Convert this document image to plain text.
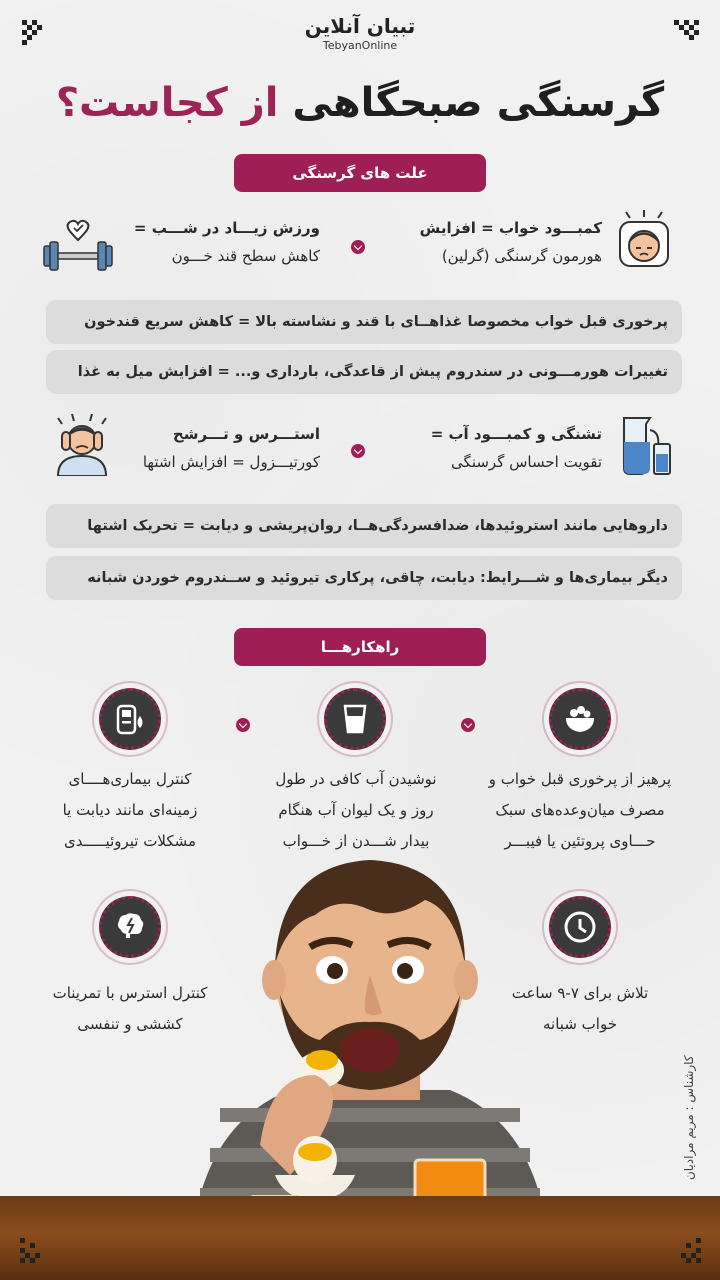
تبیان آنلاین
TebyanOnline
گرسنگی صبحگاهی از کجاست؟
علت های گرسنگی
کمبـــود خواب = افزایش
هورمون گرسنگی (گرلین)
ورزش زیـــاد در شـــب =
کاهش سطح قند خـــون
پرخوری قبل خواب مخصوصا غذاهــای با قند و نشاسته بالا = کاهش سریع قندخون
تغییرات هورمـــونی در سندروم پیش از قاعدگی، بارداری و... = افزایش میل به غذا
تشنگی و کمبـــود آب =
تقویت احساس گرسنگی
استـــرس و تـــرشح
کورتیـــزول = افزایش اشتها
داروهایی مانند استروئیدها، ضدافسردگی‌هــا، روان‌پریشی و دیابت = تحریک اشتها
دیگر بیماری‌ها و شـــرایط: دیابت، چاقی، پرکاری تیروئید و ســندروم خوردن شبانه
راهکارهـــا
پرهیز از پرخوری قبل خواب و
مصرف میان‌وعده‌های سبک
حـــاوی پروتئین یا فیبـــر
نوشیدن آب کافی در طول
روز و یک لیوان آب هنگام
بیدار شـــدن از خـــواب
کنترل بیماری‌هــــای
زمینه‌ای مانند دیابت یا
مشکلات تیروئیـــــدی
تلاش برای ۷-۹ ساعت
خواب شبانه
کنترل استرس با تمرینات
کششی و تنفسی
کارشناس : مریم مرادیان
